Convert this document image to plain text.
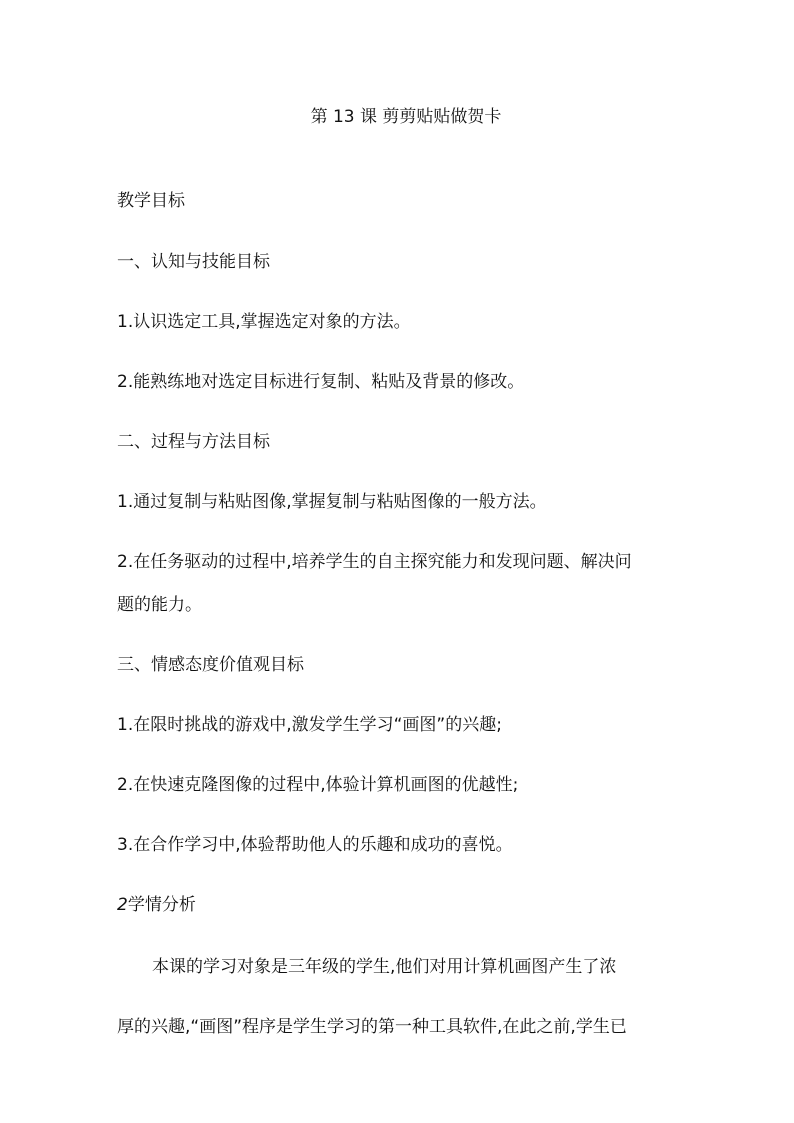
第 13 课 剪剪贴贴做贺卡
教学目标
一、认知与技能目标
1.认识选定工具,掌握选定对象的方法。
2.能熟练地对选定目标进行复制、粘贴及背景的修改。
二、过程与方法目标
1.通过复制与粘贴图像,掌握复制与粘贴图像的一般方法。
2.在任务驱动的过程中,培养学生的自主探究能力和发现问题、解决问
题的能力。
三、情感态度价值观目标
1.在限时挑战的游戏中,激发学生学习“画图”的兴趣;
2.在快速克隆图像的过程中,体验计算机画图的优越性;
3.在合作学习中,体验帮助他人的乐趣和成功的喜悦。
2学情分析
本课的学习对象是三年级的学生,他们对用计算机画图产生了浓
厚的兴趣,“画图”程序是学生学习的第一种工具软件,在此之前,学生已
